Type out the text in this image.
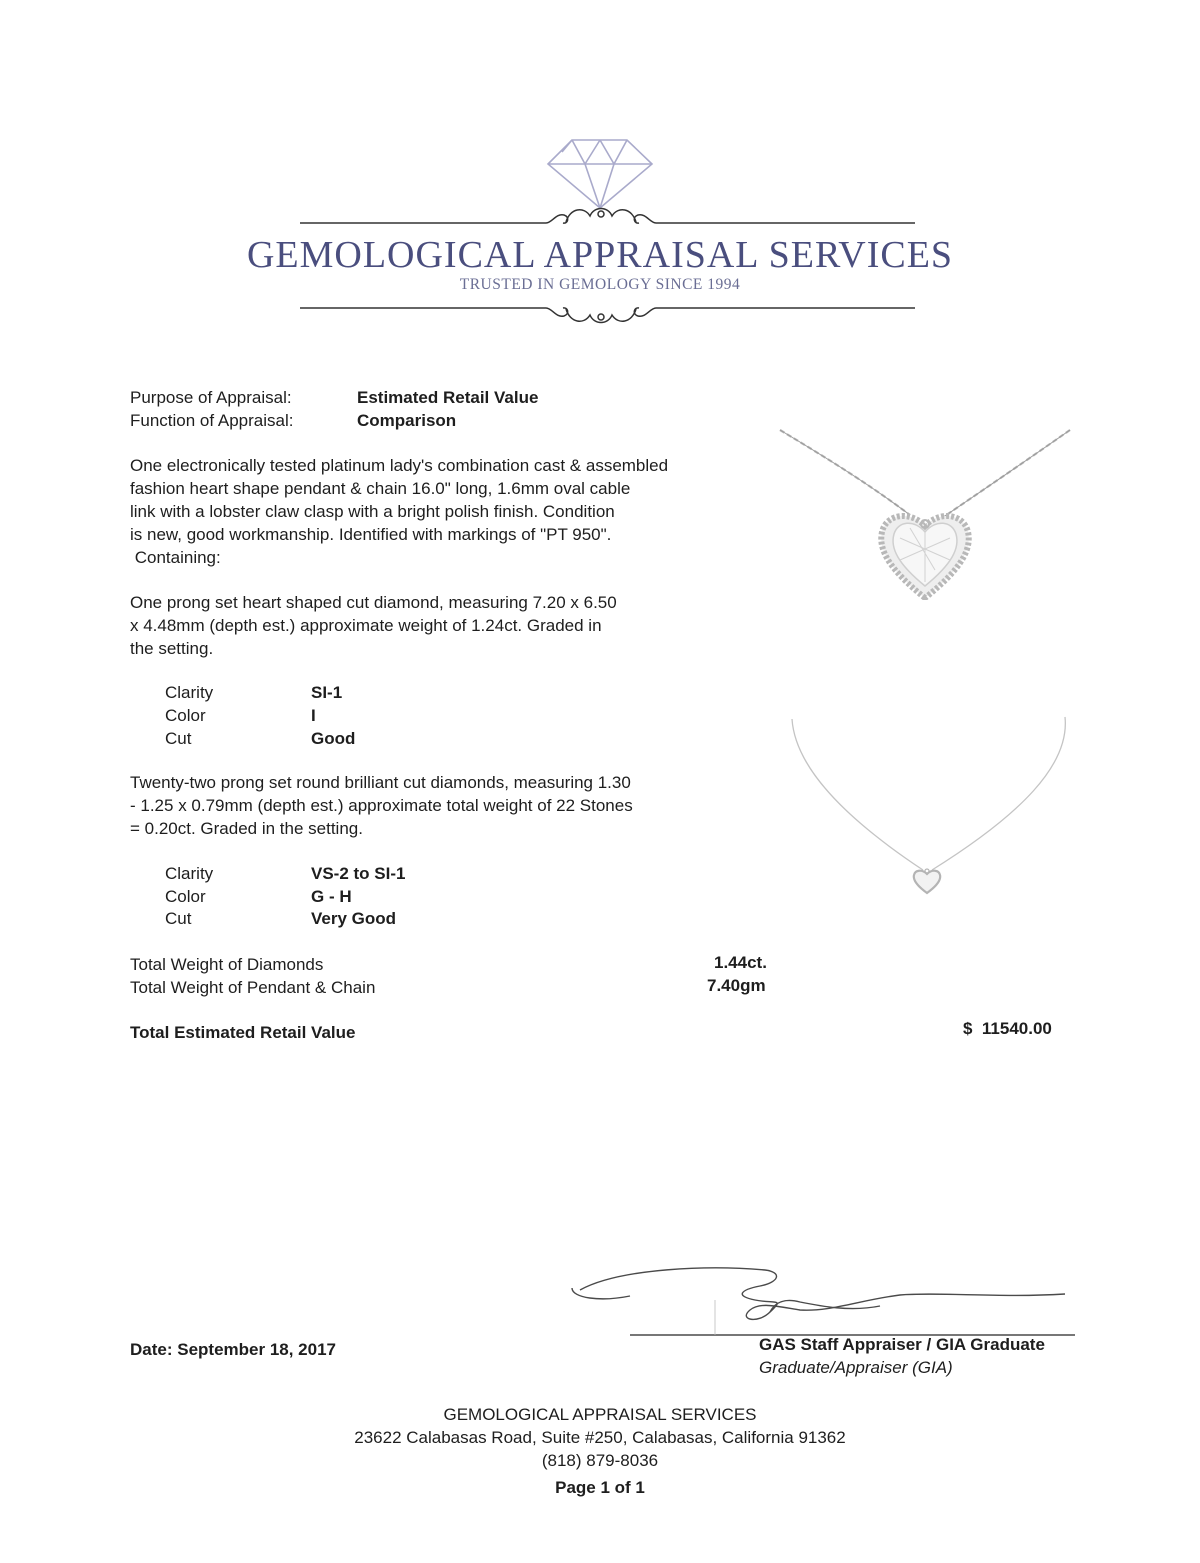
GEMOLOGICAL APPRAISAL SERVICES
TRUSTED IN GEMOLOGY SINCE 1994
Purpose of Appraisal:	Estimated Retail Value
Function of Appraisal:	Comparison
One electronically tested platinum lady's combination cast & assembled
fashion heart shape pendant & chain 16.0" long, 1.6mm oval cable
link with a lobster claw clasp with a bright polish finish. Condition
is new, good workmanship. Identified with markings of "PT 950".
Containing:
One prong set heart shaped cut diamond, measuring 7.20 x 6.50
x 4.48mm (depth est.) approximate weight of 1.24ct. Graded in
the setting.
Clarity	SI-1
Color	I
Cut	Good
Twenty-two prong set round brilliant cut diamonds, measuring 1.30
- 1.25 x 0.79mm (depth est.) approximate total weight of 22 Stones
= 0.20ct. Graded in the setting.
Clarity	VS-2 to SI-1
Color	G - H
Cut	Very Good
Total Weight of Diamonds	1.44ct.
Total Weight of Pendant & Chain	7.40gm
Total Estimated Retail Value	$  11540.00
Date: September 18, 2017	GAS Staff Appraiser / GIA Graduate
Graduate/Appraiser (GIA)
GEMOLOGICAL APPRAISAL SERVICES
23622 Calabasas Road, Suite #250, Calabasas, California 91362
(818) 879-8036
Page 1 of 1
